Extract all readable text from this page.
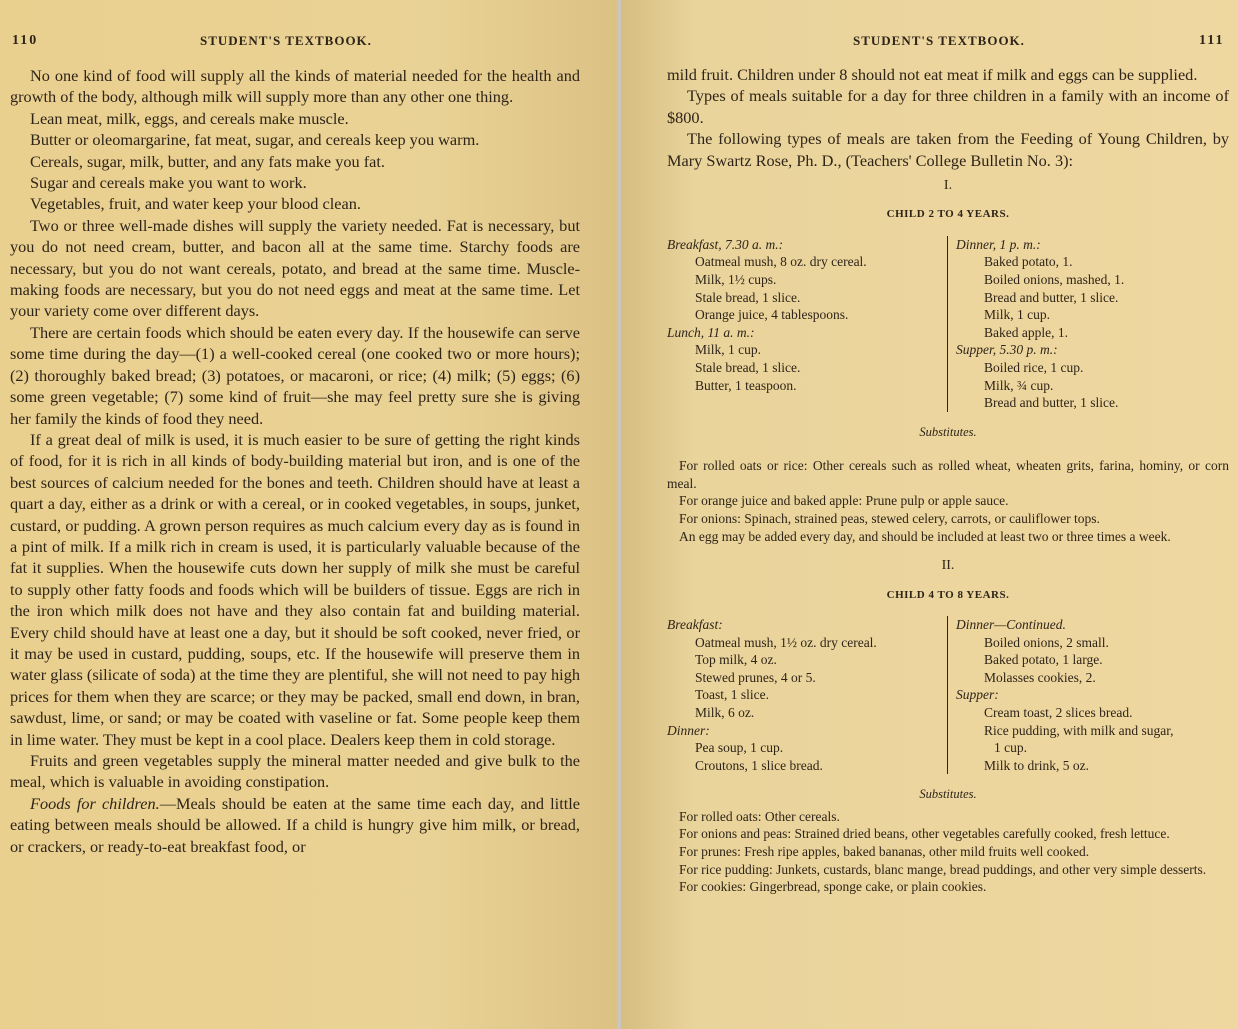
110	STUDENT'S TEXTBOOK.

No one kind of food will supply all the kinds of material needed for the health and growth of the body, although milk will supply more than any other one thing.

Lean meat, milk, eggs, and cereals make muscle.

Butter or oleomargarine, fat meat, sugar, and cereals keep you warm.

Cereals, sugar, milk, butter, and any fats make you fat.

Sugar and cereals make you want to work.

Vegetables, fruit, and water keep your blood clean.

Two or three well-made dishes will supply the variety needed. Fat is necessary, but you do not need cream, butter, and bacon all at the same time. Starchy foods are necessary, but you do not want cereals, potato, and bread at the same time. Muscle-making foods are necessary, but you do not need eggs and meat at the same time. Let your variety come over different days.

There are certain foods which should be eaten every day. If the housewife can serve some time during the day—(1) a well-cooked cereal (one cooked two or more hours); (2) thoroughly baked bread; (3) potatoes, or macaroni, or rice; (4) milk; (5) eggs; (6) some green vegetable; (7) some kind of fruit—she may feel pretty sure she is giving her family the kinds of food they need.

If a great deal of milk is used, it is much easier to be sure of getting the right kinds of food, for it is rich in all kinds of body-building material but iron, and is one of the best sources of calcium needed for the bones and teeth. Children should have at least a quart a day, either as a drink or with a cereal, or in cooked vegetables, in soups, junket, custard, or pudding. A grown person requires as much calcium every day as is found in a pint of milk. If a milk rich in cream is used, it is particularly valuable because of the fat it supplies. When the housewife cuts down her supply of milk she must be careful to supply other fatty foods and foods which will be builders of tissue. Eggs are rich in the iron which milk does not have and they also contain fat and building material. Every child should have at least one a day, but it should be soft cooked, never fried, or it may be used in custard, pudding, soups, etc. If the housewife will preserve them in water glass (silicate of soda) at the time they are plentiful, she will not need to pay high prices for them when they are scarce; or they may be packed, small end down, in bran, sawdust, lime, or sand; or may be coated with vaseline or fat. Some people keep them in lime water. They must be kept in a cool place. Dealers keep them in cold storage.

Fruits and green vegetables supply the mineral matter needed and give bulk to the meal, which is valuable in avoiding constipation.

Foods for children.—Meals should be eaten at the same time each day, and little eating between meals should be allowed. If a child is hungry give him milk, or bread, or crackers, or ready-to-eat breakfast food, or

STUDENT'S TEXTBOOK.	111

mild fruit. Children under 8 should not eat meat if milk and eggs can be supplied.

Types of meals suitable for a day for three children in a family with an income of $800.

The following types of meals are taken from the Feeding of Young Children, by Mary Swartz Rose, Ph. D., (Teachers' College Bulletin No. 3):

I.
CHILD 2 TO 4 YEARS.
Breakfast, 7.30 a. m.:
Oatmeal mush, 8 oz. dry cereal.
Milk, 1½ cups.
Stale bread, 1 slice.
Orange juice, 4 tablespoons.
Lunch, 11 a. m.:
Milk, 1 cup.
Stale bread, 1 slice.
Butter, 1 teaspoon.
Dinner, 1 p. m.:
Baked potato, 1.
Boiled onions, mashed, 1.
Bread and butter, 1 slice.
Milk, 1 cup.
Baked apple, 1.
Supper, 5.30 p. m.:
Boiled rice, 1 cup.
Milk, ¾ cup.
Bread and butter, 1 slice.
Substitutes.

For rolled oats or rice: Other cereals such as rolled wheat, wheaten grits, farina, hominy, or corn meal.

For orange juice and baked apple: Prune pulp or apple sauce.

For onions: Spinach, strained peas, stewed celery, carrots, or cauliflower tops.

An egg may be added every day, and should be included at least two or three times a week.

II.
CHILD 4 TO 8 YEARS.
Breakfast:
Oatmeal mush, 1½ oz. dry cereal.
Top milk, 4 oz.
Stewed prunes, 4 or 5.
Toast, 1 slice.
Milk, 6 oz.
Dinner:
Pea soup, 1 cup.
Croutons, 1 slice bread.
Dinner—Continued.
Boiled onions, 2 small.
Baked potato, 1 large.
Molasses cookies, 2.
Supper:
Cream toast, 2 slices bread.
Rice pudding, with milk and sugar,
1 cup.
Milk to drink, 5 oz.
Substitutes.

For rolled oats: Other cereals.

For onions and peas: Strained dried beans, other vegetables carefully cooked, fresh lettuce.

For prunes: Fresh ripe apples, baked bananas, other mild fruits well cooked.

For rice pudding: Junkets, custards, blanc mange, bread puddings, and other very simple desserts.

For cookies: Gingerbread, sponge cake, or plain cookies.
